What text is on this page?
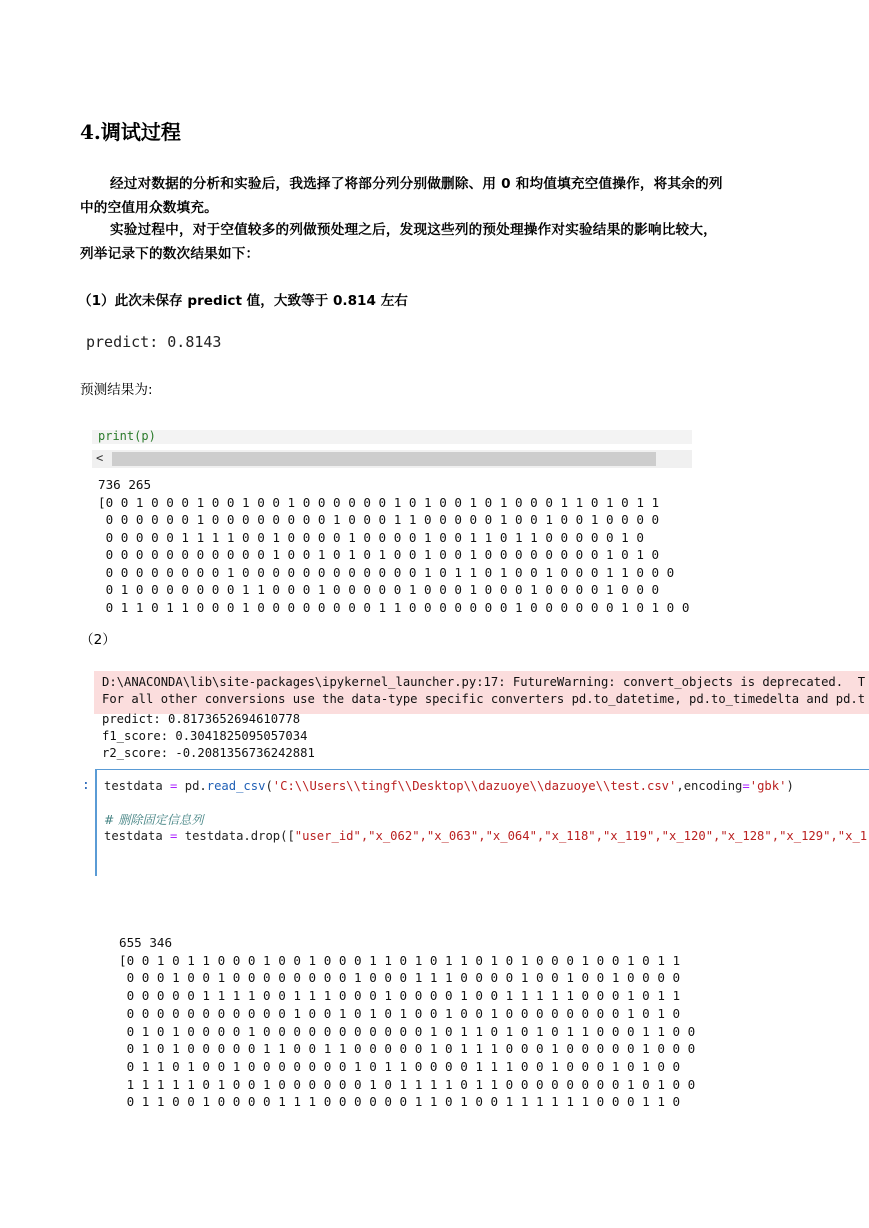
4.调试过程
经过对数据的分析和实验后，我选择了将部分列分别做删除、用 0 和均值填充空值操作，将其余的列
中的空值用众数填充。
实验过程中，对于空值较多的列做预处理之后，发现这些列的预处理操作对实验结果的影响比较大，
列举记录下的数次结果如下：
（1）此次未保存 predict 值，大致等于 0.814 左右
predict: 0.8143
预测结果为:
print(p)
<
736 265
[0 0 1 0 0 0 1 0 0 1 0 0 1 0 0 0 0 0 0 1 0 1 0 0 1 0 1 0 0 0 1 1 0 1 0 1 1
0 0 0 0 0 0 1 0 0 0 0 0 0 0 0 1 0 0 0 1 1 0 0 0 0 0 1 0 0 1 0 0 1 0 0 0 0
0 0 0 0 0 1 1 1 1 0 0 1 0 0 0 0 1 0 0 0 0 1 0 0 1 1 0 1 1 0 0 0 0 0 1 0
0 0 0 0 0 0 0 0 0 0 0 1 0 0 1 0 1 0 1 0 0 1 0 0 1 0 0 0 0 0 0 0 0 1 0 1 0
0 0 0 0 0 0 0 0 1 0 0 0 0 0 0 0 0 0 0 0 0 1 0 1 1 0 1 0 0 1 0 0 0 1 1 0 0 0
0 1 0 0 0 0 0 0 0 1 1 0 0 0 1 0 0 0 0 0 1 0 0 0 1 0 0 0 1 0 0 0 0 1 0 0 0
0 1 1 0 1 1 0 0 0 1 0 0 0 0 0 0 0 0 1 1 0 0 0 0 0 0 0 1 0 0 0 0 0 0 1 0 1 0 0
（2）
D:\ANACONDA\lib\site-packages\ipykernel_launcher.py:17: FutureWarning: convert_objects is deprecated.  T
For all other conversions use the data-type specific converters pd.to_datetime, pd.to_timedelta and pd.t
predict: 0.8173652694610778
f1_score: 0.3041825095057034
r2_score: -0.2081356736242881
: testdata = pd.read_csv('C:\\Users\\tingf\\Desktop\\dazuoye\\dazuoye\\test.csv',encoding='gbk')
# 删除固定信息列
testdata = testdata.drop(["user_id","x_062","x_063","x_064","x_118","x_119","x_120","x_128","x_129","x_1
655 346
[0 0 1 0 1 1 0 0 0 1 0 0 1 0 0 0 1 1 0 1 0 1 1 0 1 0 1 0 0 0 1 0 0 1 0 1 1
0 0 0 1 0 0 1 0 0 0 0 0 0 0 0 1 0 0 0 1 1 1 0 0 0 0 1 0 0 1 0 0 1 0 0 0 0
0 0 0 0 0 1 1 1 1 0 0 1 1 1 0 0 0 1 0 0 0 0 1 0 0 1 1 1 1 1 0 0 0 1 0 1 1
0 0 0 0 0 0 0 0 0 0 0 1 0 0 1 0 1 0 1 0 0 1 0 0 1 0 0 0 0 0 0 0 0 1 0 1 0
0 1 0 1 0 0 0 0 1 0 0 0 0 0 0 0 0 0 0 0 1 0 1 1 0 1 0 1 0 1 1 0 0 0 1 1 0 0
0 1 0 1 0 0 0 0 0 1 1 0 0 1 1 0 0 0 0 0 1 0 1 1 1 0 0 0 1 0 0 0 0 0 1 0 0 0
0 1 1 0 1 0 0 1 0 0 0 0 0 0 0 1 0 1 1 0 0 0 0 1 1 1 0 0 1 0 0 0 1 0 1 0 0
1 1 1 1 1 0 1 0 0 1 0 0 0 0 0 0 1 0 1 1 1 1 0 1 1 0 0 0 0 0 0 0 0 1 0 1 0 0
0 1 1 0 0 1 0 0 0 0 1 1 1 0 0 0 0 0 0 1 1 0 1 0 0 1 1 1 1 1 1 0 0 0 1 1 0
